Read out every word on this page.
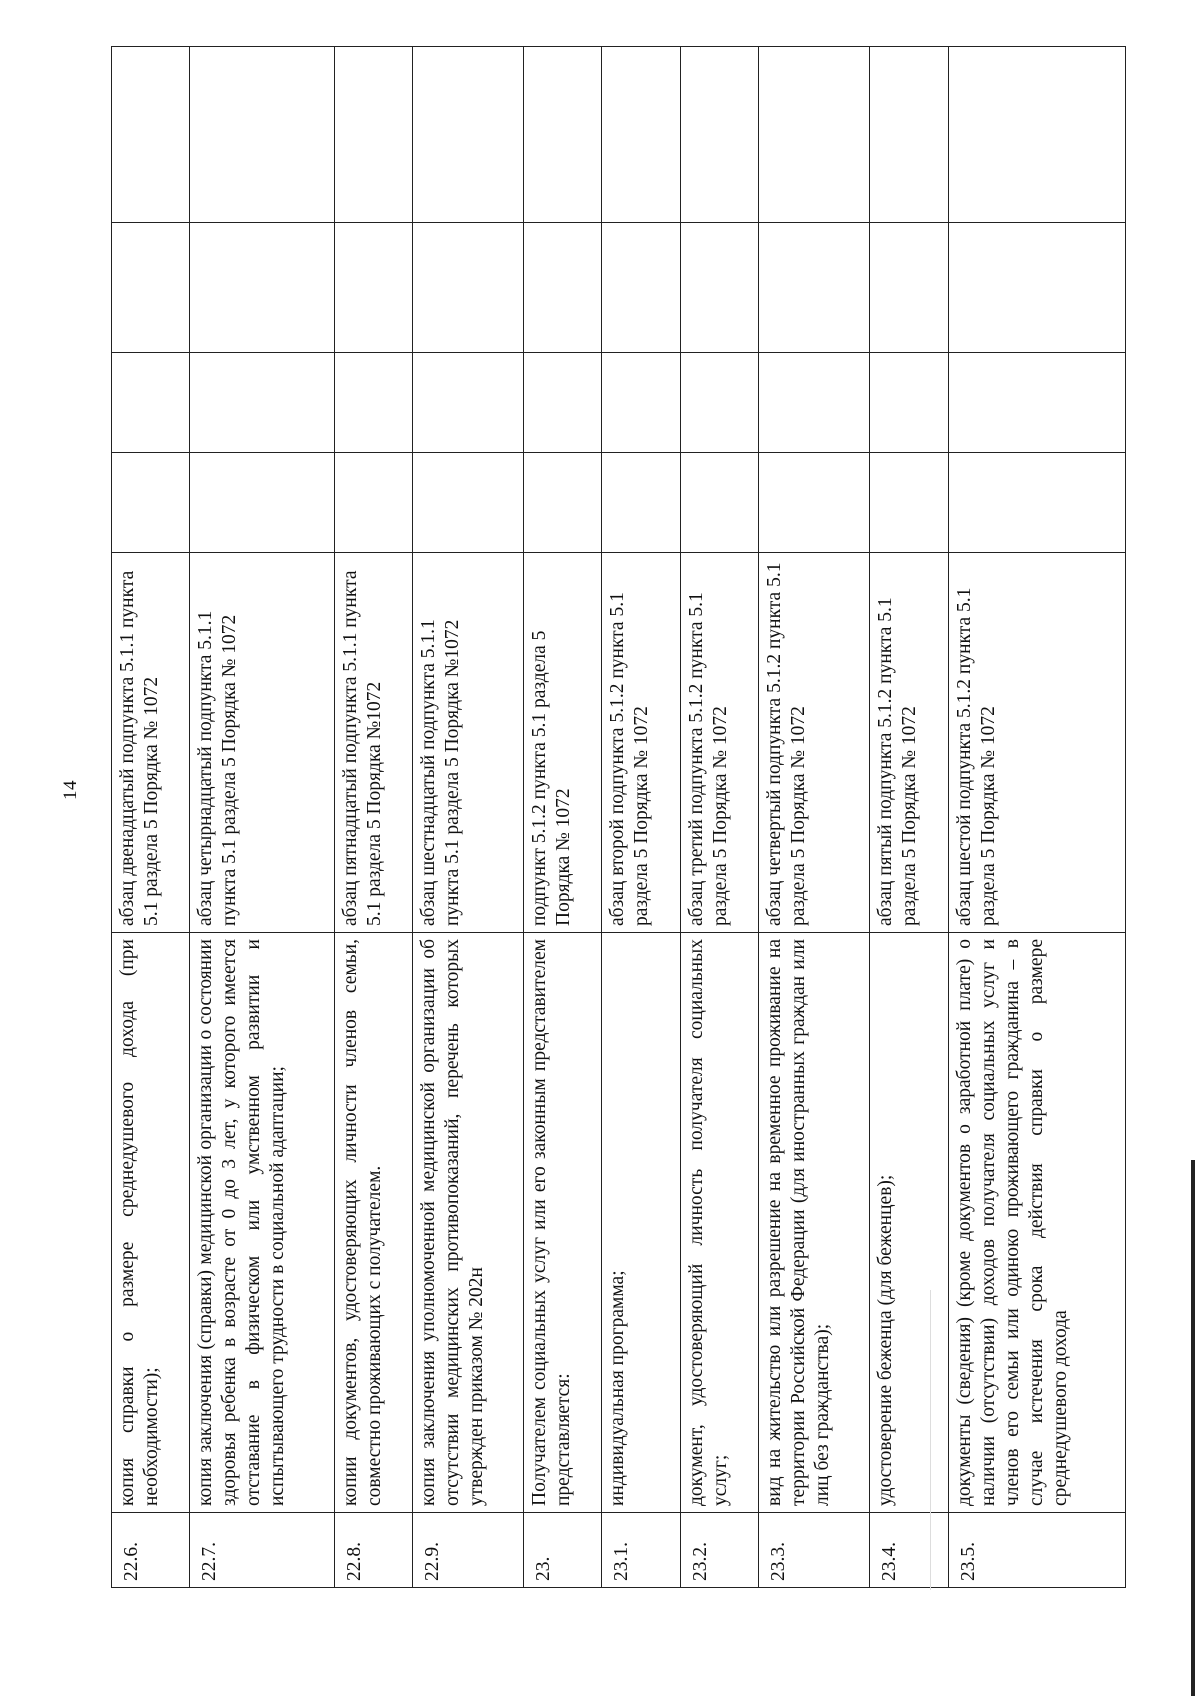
14
22.6.	копия справки о размере среднедушевого дохода (при необходимости);	абзац двенадцатый подпункта 5.1.1 пункта 5.1 раздела 5 Порядка № 1072				
22.7.	копия заключения (справки) медицинской организации о состоянии здоровья ребенка в возрасте от 0 до 3 лет, у которого имеется отставание в физическом или умственном развитии и испытывающего трудности в социальной адаптации;	абзац четырнадцатый подпункта 5.1.1 пункта 5.1 раздела 5 Порядка № 1072				
22.8.	копии документов, удостоверяющих личности членов семьи, совместно проживающих с получателем.	абзац пятнадцатый подпункта 5.1.1 пункта 5.1 раздела 5 Порядка №1072				
22.9.	копия заключения уполномоченной медицинской организации об отсутствии медицинских противопоказаний, перечень которых утвержден приказом № 202н	абзац шестнадцатый подпункта 5.1.1 пункта 5.1 раздела 5 Порядка №1072				
23.	Получателем социальных услуг или его законным представителем представляется:	подпункт 5.1.2 пункта 5.1 раздела 5 Порядка № 1072				
23.1.	индивидуальная программа;	абзац второй подпункта 5.1.2 пункта 5.1 раздела 5 Порядка № 1072				
23.2.	документ, удостоверяющий личность получателя социальных услуг;	абзац третий подпункта 5.1.2 пункта 5.1 раздела 5 Порядка № 1072				
23.3.	вид на жительство или разрешение на временное проживание на территории Российской Федерации (для иностранных граждан или лиц без гражданства);	абзац четвертый подпункта 5.1.2 пункта 5.1 раздела 5 Порядка № 1072				
23.4.	удостоверение беженца (для беженцев);	абзац пятый подпункта 5.1.2 пункта 5.1 раздела 5 Порядка № 1072				
23.5.	документы (сведения) (кроме документов о заработной плате) о наличии (отсутствии) доходов получателя социальных услуг и членов его семьи или одиноко проживающего гражданина – в случае истечения срока действия справки о размере среднедушевого дохода	абзац шестой подпункта 5.1.2 пункта 5.1 раздела 5 Порядка № 1072				
